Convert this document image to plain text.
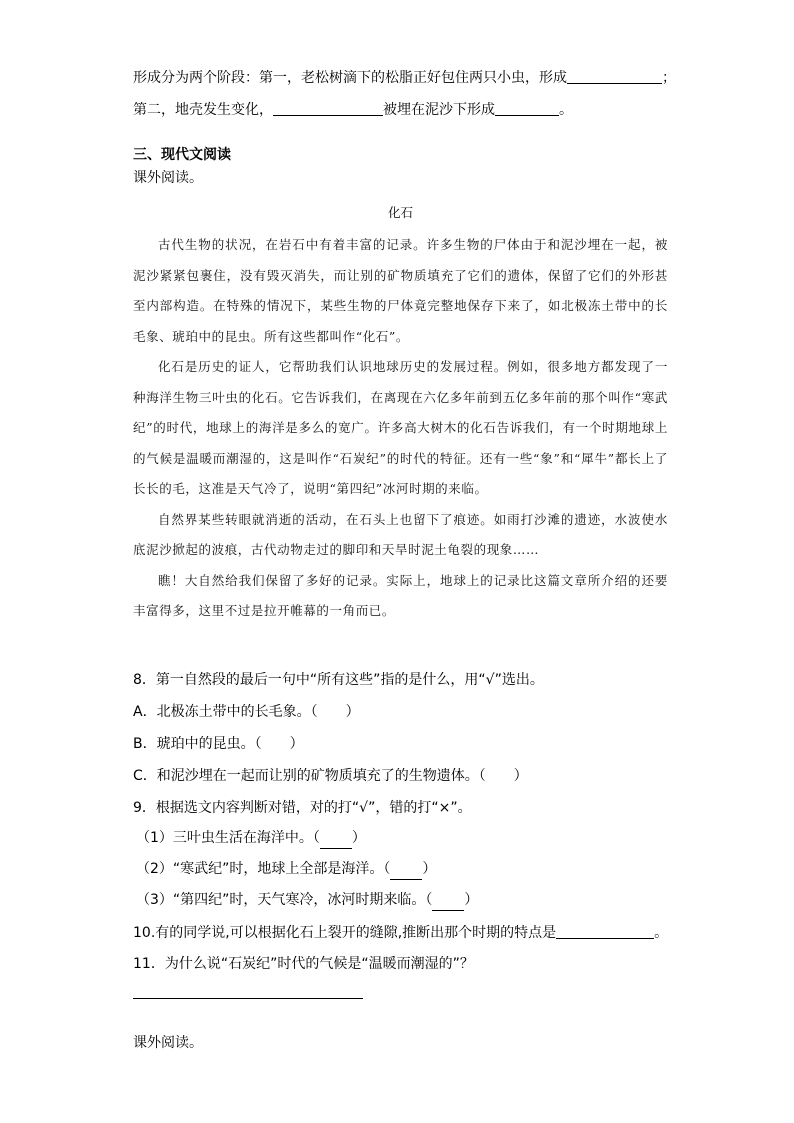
形成分为两个阶段：第一，老松树滴下的松脂正好包住两只小虫，形成	；
第二，地壳发生变化，	被埋在泥沙下形成	。
三、现代文阅读
课外阅读。
化石

古代生物的状况，在岩石中有着丰富的记录。许多生物的尸体由于和泥沙埋在一起，被泥沙紧紧包裹住，没有毁灭消失，而让别的矿物质填充了它们的遗体，保留了它们的外形甚至内部构造。在特殊的情况下，某些生物的尸体竟完整地保存下来了，如北极冻土带中的长毛象、琥珀中的昆虫。所有这些都叫作“化石”。

化石是历史的证人，它帮助我们认识地球历史的发展过程。例如，很多地方都发现了一种海洋生物三叶虫的化石。它告诉我们，在离现在六亿多年前到五亿多年前的那个叫作“寒武纪”的时代，地球上的海洋是多么的宽广。许多高大树木的化石告诉我们，有一个时期地球上的气候是温暖而潮湿的，这是叫作“石炭纪”的时代的特征。还有一些“象”和“犀牛”都长上了长长的毛，这准是天气冷了，说明“第四纪”冰河时期的来临。

自然界某些转眼就消逝的活动，在石头上也留下了痕迹。如雨打沙滩的遗迹，水波使水底泥沙掀起的波痕，古代动物走过的脚印和天旱时泥土龟裂的现象……

瞧！大自然给我们保留了多好的记录。实际上，地球上的记录比这篇文章所介绍的还要丰富得多，这里不过是拉开帷幕的一角而已。

8．第一自然段的最后一句中“所有这些”指的是什么，用“√”选出。
A．北极冻土带中的长毛象。（　　）
B．琥珀中的昆虫。（　　）
C．和泥沙埋在一起而让别的矿物质填充了的生物遗体。（　　）
9．根据选文内容判断对错，对的打“√”，错的打“×”。
（1）三叶虫生活在海洋中。（ ）
（2）“寒武纪”时，地球上全部是海洋。（ ）
（3）“第四纪”时，天气寒冷，冰河时期来临。（ ）
10.有的同学说,可以根据化石上裂开的缝隙,推断出那个时期的特点是	。
11．为什么说“石炭纪”时代的气候是“温暖而潮湿的”？
课外阅读。
